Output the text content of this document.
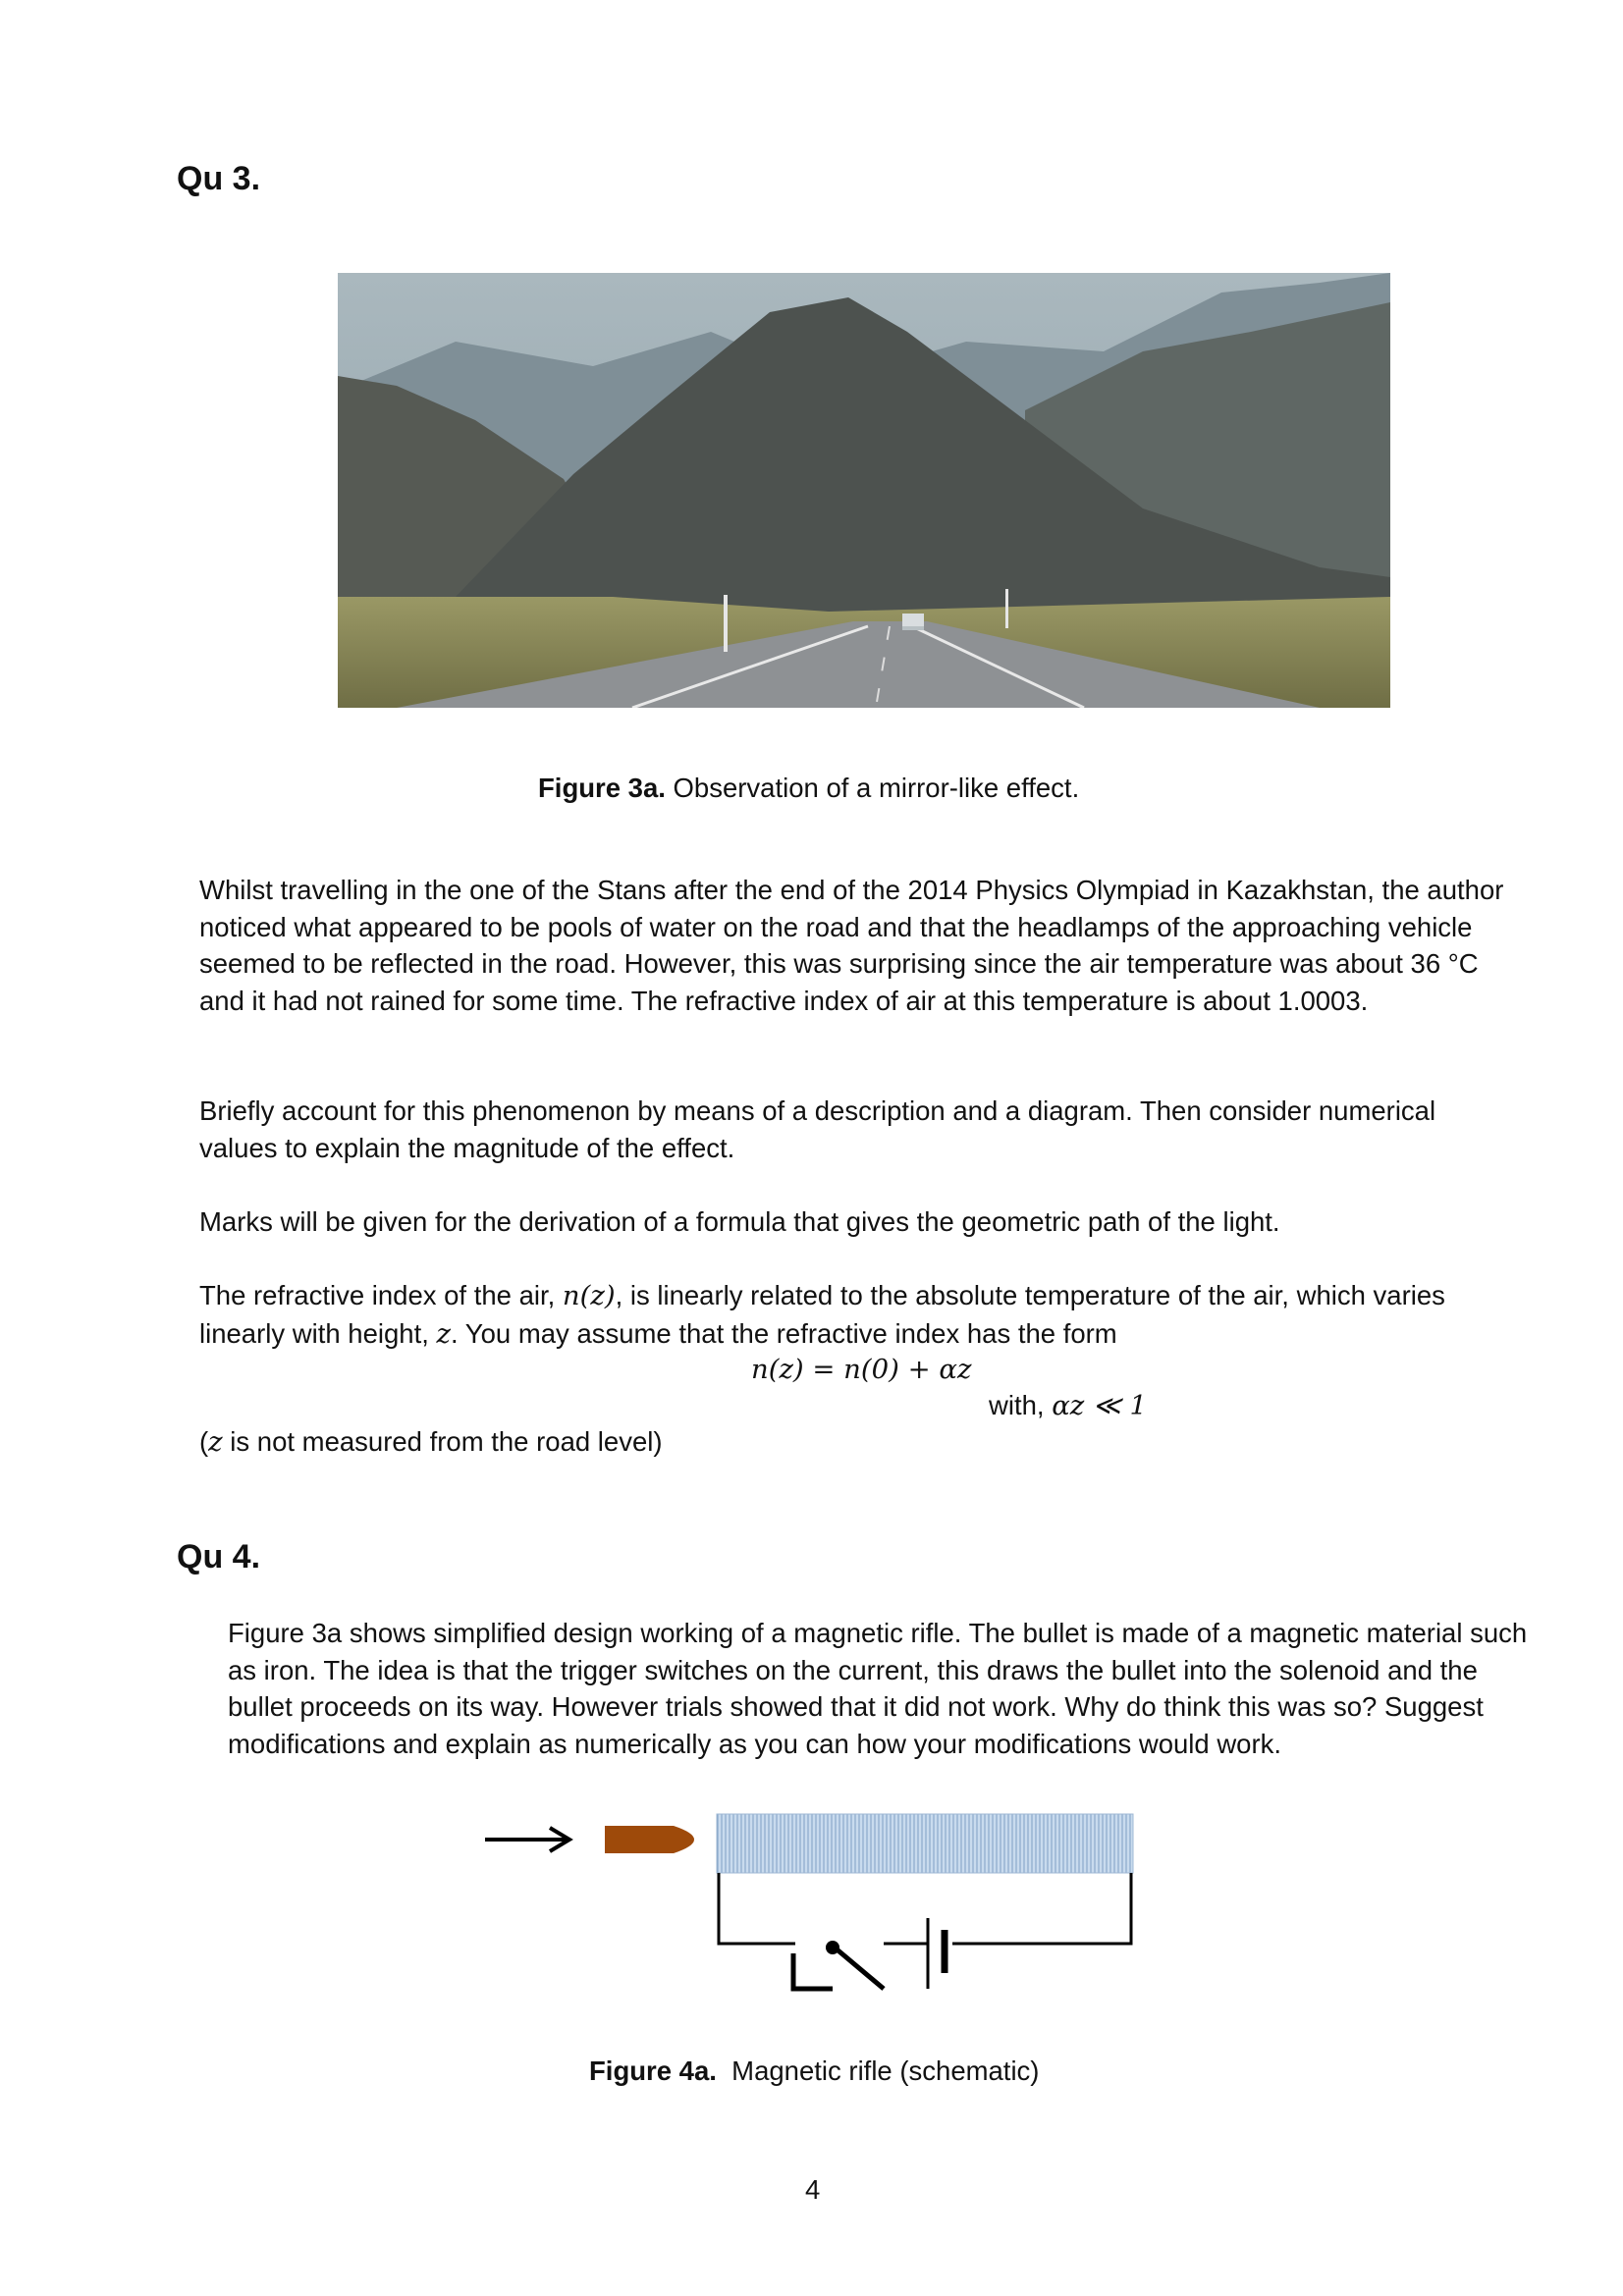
Qu 3.
Figure 3a. Observation of a mirror-like effect.

Whilst travelling in the one of the Stans after the end of the 2014 Physics Olympiad in Kazakhstan, the author noticed what appeared to be pools of water on the road and that the headlamps of the approaching vehicle seemed to be reflected in the road. However, this was surprising since the air temperature was about 36 °C and it had not rained for some time. The refractive index of air at this temperature is about 1.0003.

Briefly account for this phenomenon by means of a description and a diagram. Then consider numerical values to explain the magnitude of the effect.

Marks will be given for the derivation of a formula that gives the geometric path of the light.

The refractive index of the air, n(z), is linearly related to the absolute temperature of the air, which varies linearly with height, z. You may assume that the refractive index has the form

n(z) = n(0) + αz
with, αz ≪ 1
(z is not measured from the road level)
Qu 4.

Figure 3a shows simplified design working of a magnetic rifle. The bullet is made of a magnetic material such as iron. The idea is that the trigger switches on the current, this draws the bullet into the solenoid and the bullet proceeds on its way. However trials showed that it did not work. Why do think this was so? Suggest modifications and explain as numerically as you can how your modifications would work.

Figure 4a.  Magnetic rifle (schematic)
4
